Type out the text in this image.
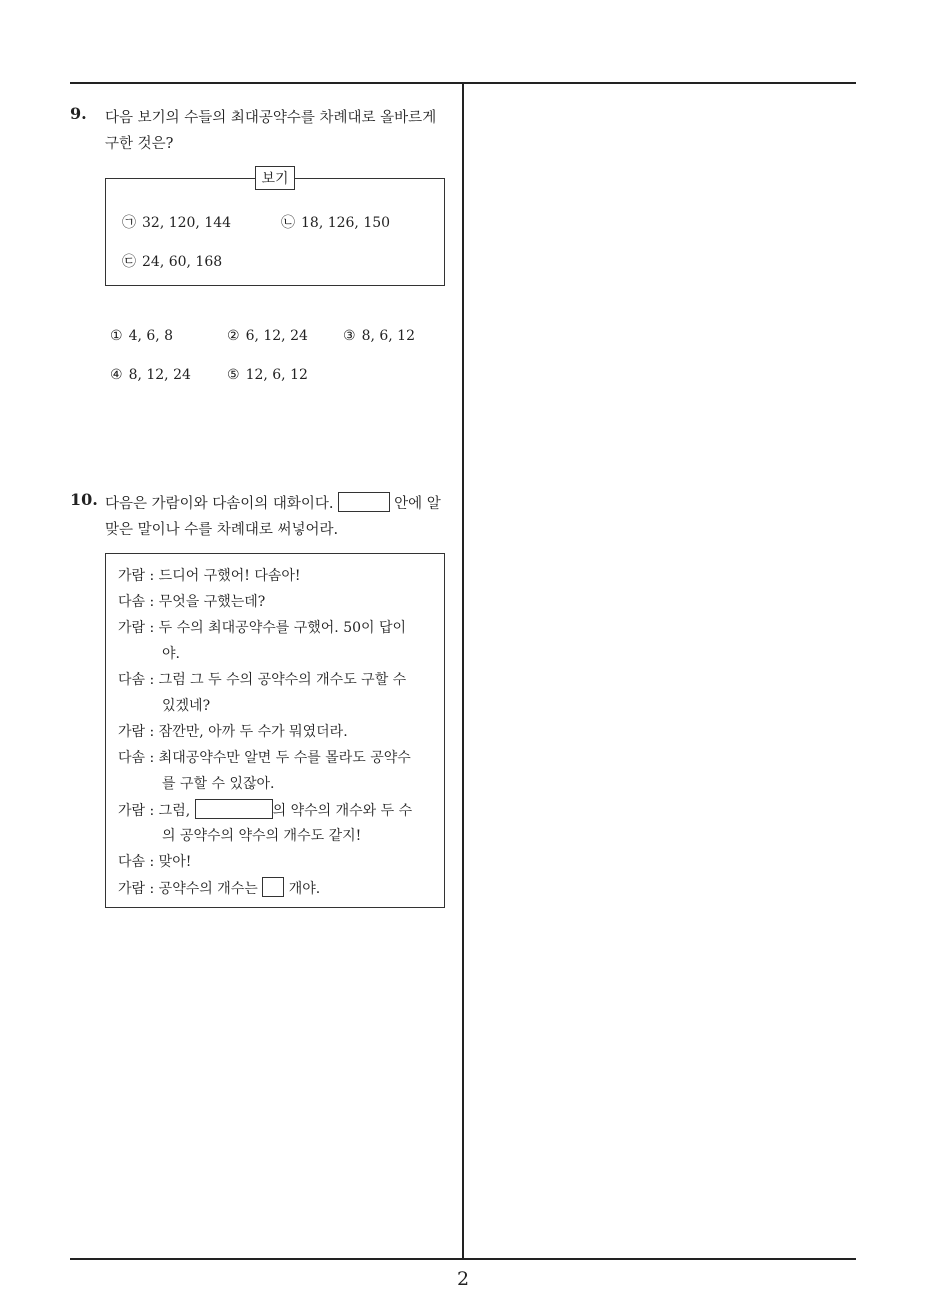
9. 다음 보기의 수들의 최대공약수를 차례대로 올바르게
구한 것은?
보기
㉠ 32, 120, 144	㉡ 18, 126, 150
㉢ 24, 60, 168
① 4, 6, 8	② 6, 12, 24	③ 8, 6, 12
④ 8, 12, 24	⑤ 12, 6, 12
10. 다음은 가람이와 다솜이의 대화이다.	안에 알
맞은 말이나 수를 차례대로 써넣어라.
가람 : 드디어 구했어! 다솜아!
다솜 : 무엇을 구했는데?
가람 : 두 수의 최대공약수를 구했어. 50이 답이
야.
다솜 : 그럼 그 두 수의 공약수의 개수도 구할 수
있겠네?
가람 : 잠깐만, 아까 두 수가 뭐였더라.
다솜 : 최대공약수만 알면 두 수를 몰라도 공약수
를 구할 수 있잖아.
가람 : 그럼,	의 약수의 개수와 두 수
의 공약수의 약수의 개수도 같지!
다솜 : 맞아!
가람 : 공약수의 개수는 개야.
2
